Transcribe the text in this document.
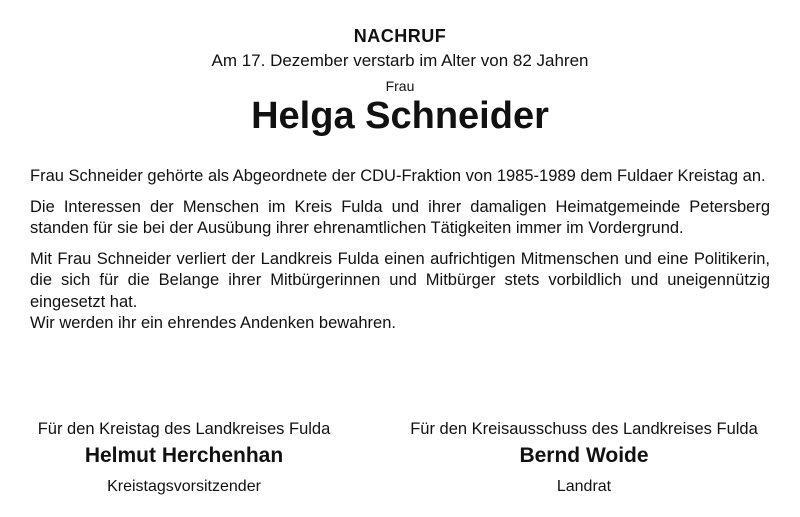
NACHRUF
Am 17. Dezember verstarb im Alter von 82 Jahren
Frau
Helga Schneider

Frau Schneider gehörte als Abgeordnete der CDU-Fraktion von 1985-1989 dem Fuldaer Kreistag an.

Die Interessen der Menschen im Kreis Fulda und ihrer damaligen Heimatgemeinde Petersberg standen für sie bei der Ausübung ihrer ehrenamtlichen Tätigkeiten immer im Vordergrund.

Mit Frau Schneider verliert der Landkreis Fulda einen aufrichtigen Mitmenschen und eine Politikerin, die sich für die Belange ihrer Mitbürgerinnen und Mitbürger stets vorbildlich und uneigennützig eingesetzt hat.

Wir werden ihr ein ehrendes Andenken bewahren.

Für den Kreistag des Landkreises Fulda
Helmut Herchenhan
Kreistagsvorsitzender
Für den Kreisausschuss des Landkreises Fulda
Bernd Woide
Landrat
